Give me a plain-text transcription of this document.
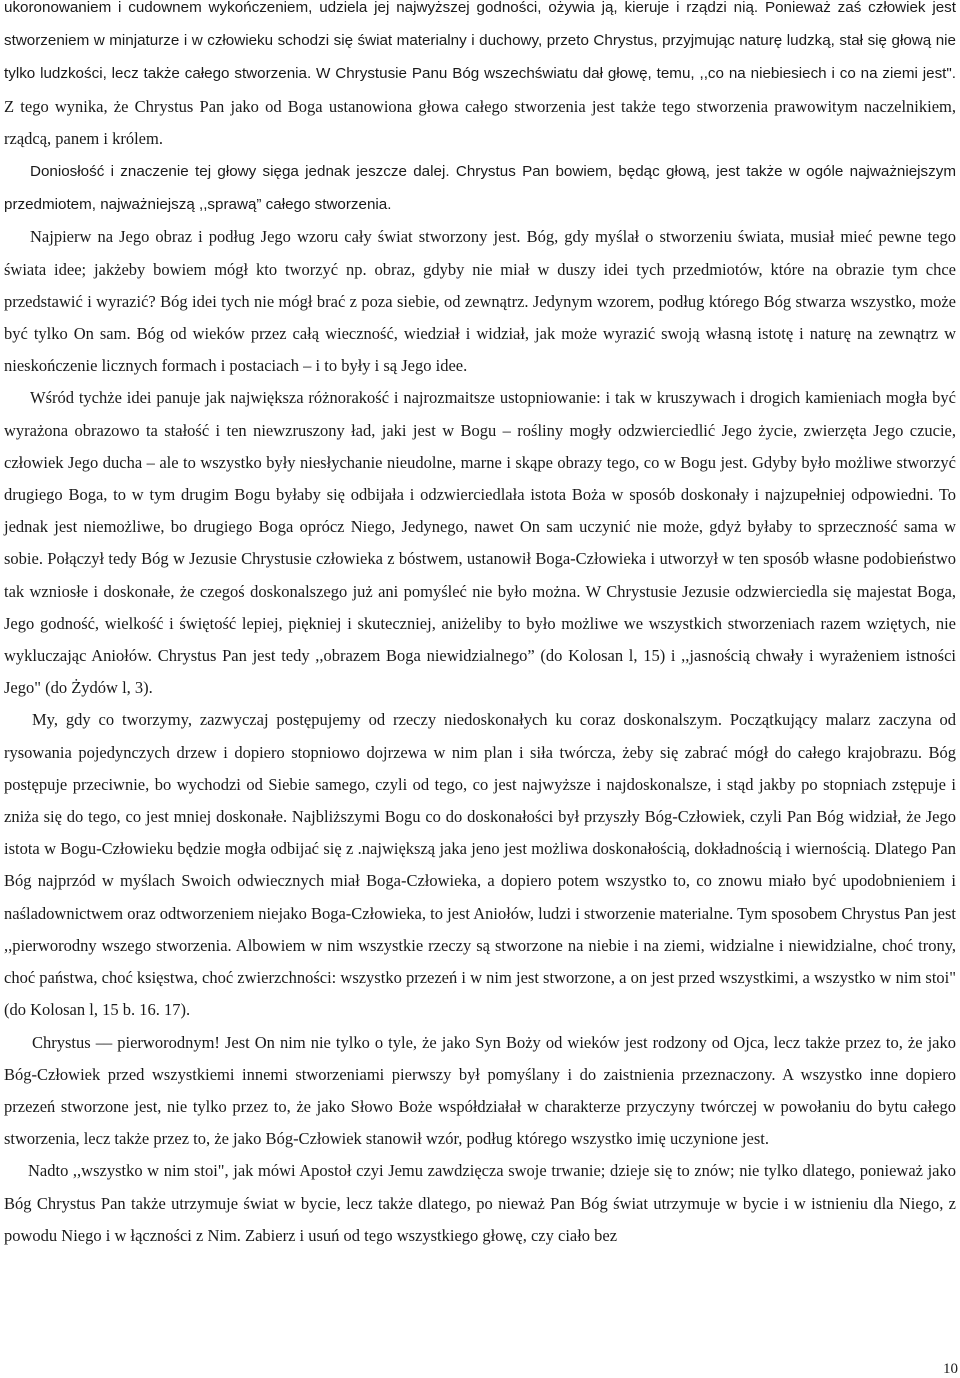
ukoronowaniem i cudownem wykończeniem, udziela jej najwyższej godności, ożywia ją, kieruje i rządzi nią. Ponieważ zaś człowiek jest stworzeniem w minjaturze i w człowieku schodzi się świat materialny i duchowy, przeto Chrystus, przyjmując naturę ludzką, stał się głową nie tylko ludzkości, lecz także całego stworzenia. W Chrystusie Panu Bóg wszechświatu dał głowę, temu, ,,co na niebiesiech i co na ziemi jest". Z tego wynika, że Chrystus Pan jako od Boga ustanowiona głowa całego stworzenia jest także tego stworzenia prawowitym naczelnikiem, rządcą, panem i królem.

Doniosłość i znaczenie tej głowy sięga jednak jeszcze dalej. Chrystus Pan bowiem, będąc głową, jest także w ogóle najważniejszym przedmiotem, najważniejszą ,,sprawą” całego stworzenia.

Najpierw na Jego obraz i podług Jego wzoru cały świat stworzony jest. Bóg, gdy myślał o stworzeniu świata, musiał mieć pewne tego świata idee; jakżeby bowiem mógł kto tworzyć np. obraz, gdyby nie miał w duszy idei tych przedmiotów, które na obrazie tym chce przedstawić i wyrazić? Bóg idei tych nie mógł brać z poza siebie, od zewnątrz. Jedynym wzorem, podług którego Bóg stwarza wszystko, może być tylko On sam. Bóg od wieków przez całą wieczność, wiedział i widział, jak może wyrazić swoją własną istotę i naturę na zewnątrz w nieskończenie licznych formach i postaciach – i to były i są Jego idee.

Wśród tychże idei panuje jak największa różnorakość i najrozmaitsze ustopniowanie: i tak w kruszywach i drogich kamieniach mogła być wyrażona obrazowo ta stałość i ten niewzruszony ład, jaki jest w Bogu – rośliny mogły odzwierciedlić Jego życie, zwierzęta Jego czucie, człowiek Jego ducha – ale to wszystko były niesłychanie nieudolne, marne i skąpe obrazy tego, co w Bogu jest. Gdyby było możliwe stworzyć drugiego Boga, to w tym drugim Bogu byłaby się odbijała i odzwierciedlała istota Boża w sposób doskonały i najzupełniej odpowiedni. To jednak jest niemożliwe, bo drugiego Boga oprócz Niego, Jedynego, nawet On sam uczynić nie może, gdyż byłaby to sprzeczność sama w sobie. Połączył tedy Bóg w Jezusie Chrystusie człowieka z bóstwem, ustanowił Boga-Człowieka i utworzył w ten sposób własne podobieństwo tak wzniosłe i doskonałe, że czegoś doskonalszego już ani pomyśleć nie było można. W Chrystusie Jezusie odzwierciedla się majestat Boga, Jego godność, wielkość i świętość lepiej, piękniej i skuteczniej, aniżeliby to było możliwe we wszystkich stworzeniach razem wziętych, nie wykluczając Aniołów. Chrystus Pan jest tedy ,,obrazem Boga niewidzialnego” (do Kolosan l, 15) i ,,jasnością chwały i wyrażeniem istności Jego" (do Żydów l, 3).

My, gdy co tworzymy, zazwyczaj postępujemy od rzeczy niedoskonałych ku coraz doskonalszym. Początkujący malarz zaczyna od rysowania pojedynczych drzew i dopiero stopniowo dojrzewa w nim plan i siła twórcza, żeby się zabrać mógł do całego krajobrazu. Bóg postępuje przeciwnie, bo wychodzi od Siebie samego, czyli od tego, co jest najwyższe i najdoskonalsze, i stąd jakby po stopniach zstępuje i zniża się do tego, co jest mniej doskonałe. Najbliższymi Bogu co do doskonałości był przyszły Bóg-Człowiek, czyli Pan Bóg widział, że Jego istota w Bogu-Człowieku będzie mogła odbijać się z .największą jaka jeno jest możliwa doskonałością, dokładnością i wiernością. Dlatego Pan Bóg najprzód w myślach Swoich odwiecznych miał Boga-Człowieka, a dopiero potem wszystko to, co znowu miało być upodobnieniem i naśladownictwem oraz odtworzeniem niejako Boga-Człowieka, to jest Aniołów, ludzi i stworzenie materialne. Tym sposobem Chrystus Pan jest ,,pierworodny wszego stworzenia. Albowiem w nim wszystkie rzeczy są stworzone na niebie i na ziemi, widzialne i niewidzialne, choć trony, choć państwa, choć księstwa, choć zwierzchności: wszystko przezeń i w nim jest stworzone, a on jest przed wszystkimi, a wszystko w nim stoi" (do Kolosan l, 15 b. 16. 17).

Chrystus –– pierworodnym! Jest On nim nie tylko o tyle, że jako Syn Boży od wieków jest rodzony od Ojca, lecz także przez to, że jako Bóg-Człowiek przed wszystkiemi innemi stworzeniami pierwszy był pomyślany i do zaistnienia przeznaczony. A wszystko inne dopiero przezeń stworzone jest, nie tylko przez to, że jako Słowo Boże współdziałał w charakterze przyczyny twórczej w powołaniu do bytu całego stworzenia, lecz także przez to, że jako Bóg-Człowiek stanowił wzór, podług którego wszystko imię uczynione jest.

Nadto ,,wszystko w nim stoi", jak mówi Apostoł czyi Jemu zawdzięcza swoje trwanie; dzieje się to znów; nie tylko dlatego, ponieważ jako Bóg Chrystus Pan także utrzymuje świat w bycie, lecz także dlatego, po nieważ Pan Bóg świat utrzymuje w bycie i w istnieniu dla Niego, z powodu Niego i w łączności z Nim. Zabierz i usuń od tego wszystkiego głowę, czy ciało bez

10
